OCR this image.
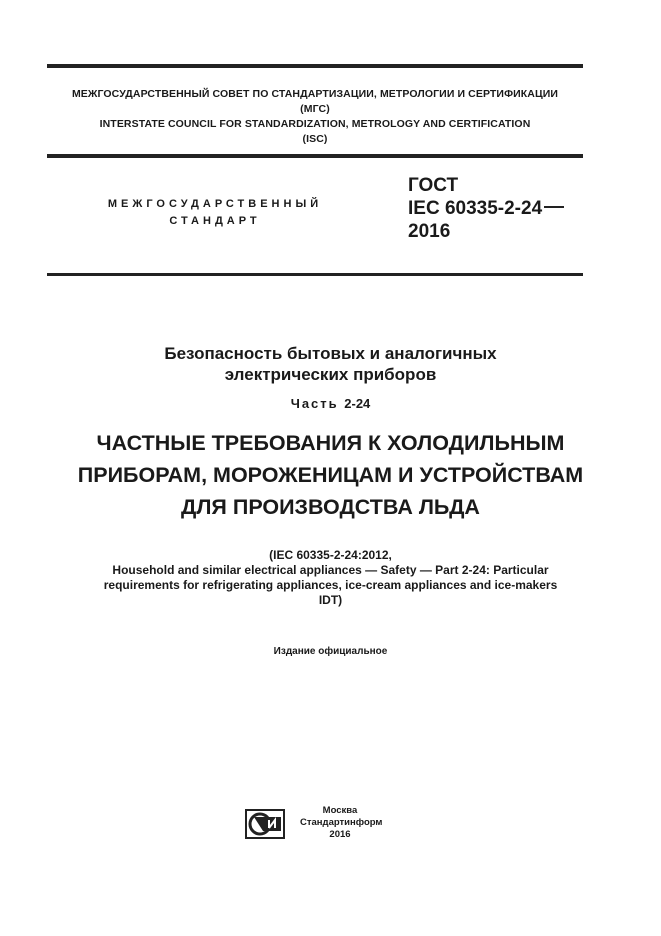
МЕЖГОСУДАРСТВЕННЫЙ СОВЕТ ПО СТАНДАРТИЗАЦИИ, МЕТРОЛОГИИ И СЕРТИФИКАЦИИ
(МГС)
INTERSTATE COUNCIL FOR STANDARDIZATION, METROLOGY AND CERTIFICATION
(ISC)
МЕЖГОСУДАРСТВЕННЫЙ
СТАНДАРТ
ГОСТ
IEC 60335-2-24
2016
Безопасность бытовых и аналогичных
электрических приборов
Часть 2-24
ЧАСТНЫЕ ТРЕБОВАНИЯ К ХОЛОДИЛЬНЫМ
ПРИБОРАМ, МОРОЖЕНИЦАМ И УСТРОЙСТВАМ
ДЛЯ ПРОИЗВОДСТВА ЛЬДА
(IEC 60335-2-24:2012,
Household and similar electrical appliances — Safety — Part 2-24: Particular
requirements for refrigerating appliances, ice-cream appliances and ice-makers
IDT)
Издание официальное
Москва
Стандартинформ
2016
